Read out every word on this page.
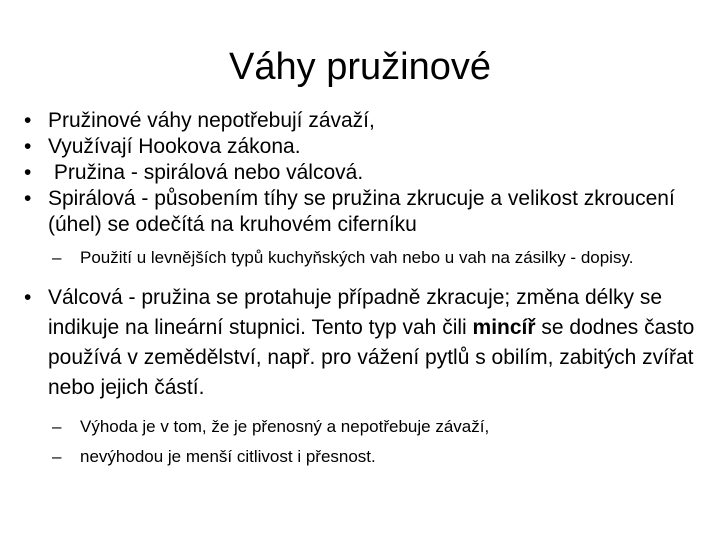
Váhy pružinové
• Pružinové váhy nepotřebují závaží,
• Využívají Hookova zákona.
• Pružina - spirálová nebo válcová.
• Spirálová - působením tíhy se pružina zkrucuje a velikost zkroucení (úhel) se odečítá na kruhovém ciferníku
– Použití u levnějších typů kuchyňských vah nebo u vah na zásilky - dopisy.
• Válcová - pružina se protahuje případně zkracuje; změna délky se indikuje na lineární stupnici. Tento typ vah čili mincíř se dodnes často používá v zemědělství, např. pro vážení pytlů s obilím, zabitých zvířat nebo jejich částí.
– Výhoda je v tom, že je přenosný a nepotřebuje závaží,
– nevýhodou je menší citlivost i přesnost.
